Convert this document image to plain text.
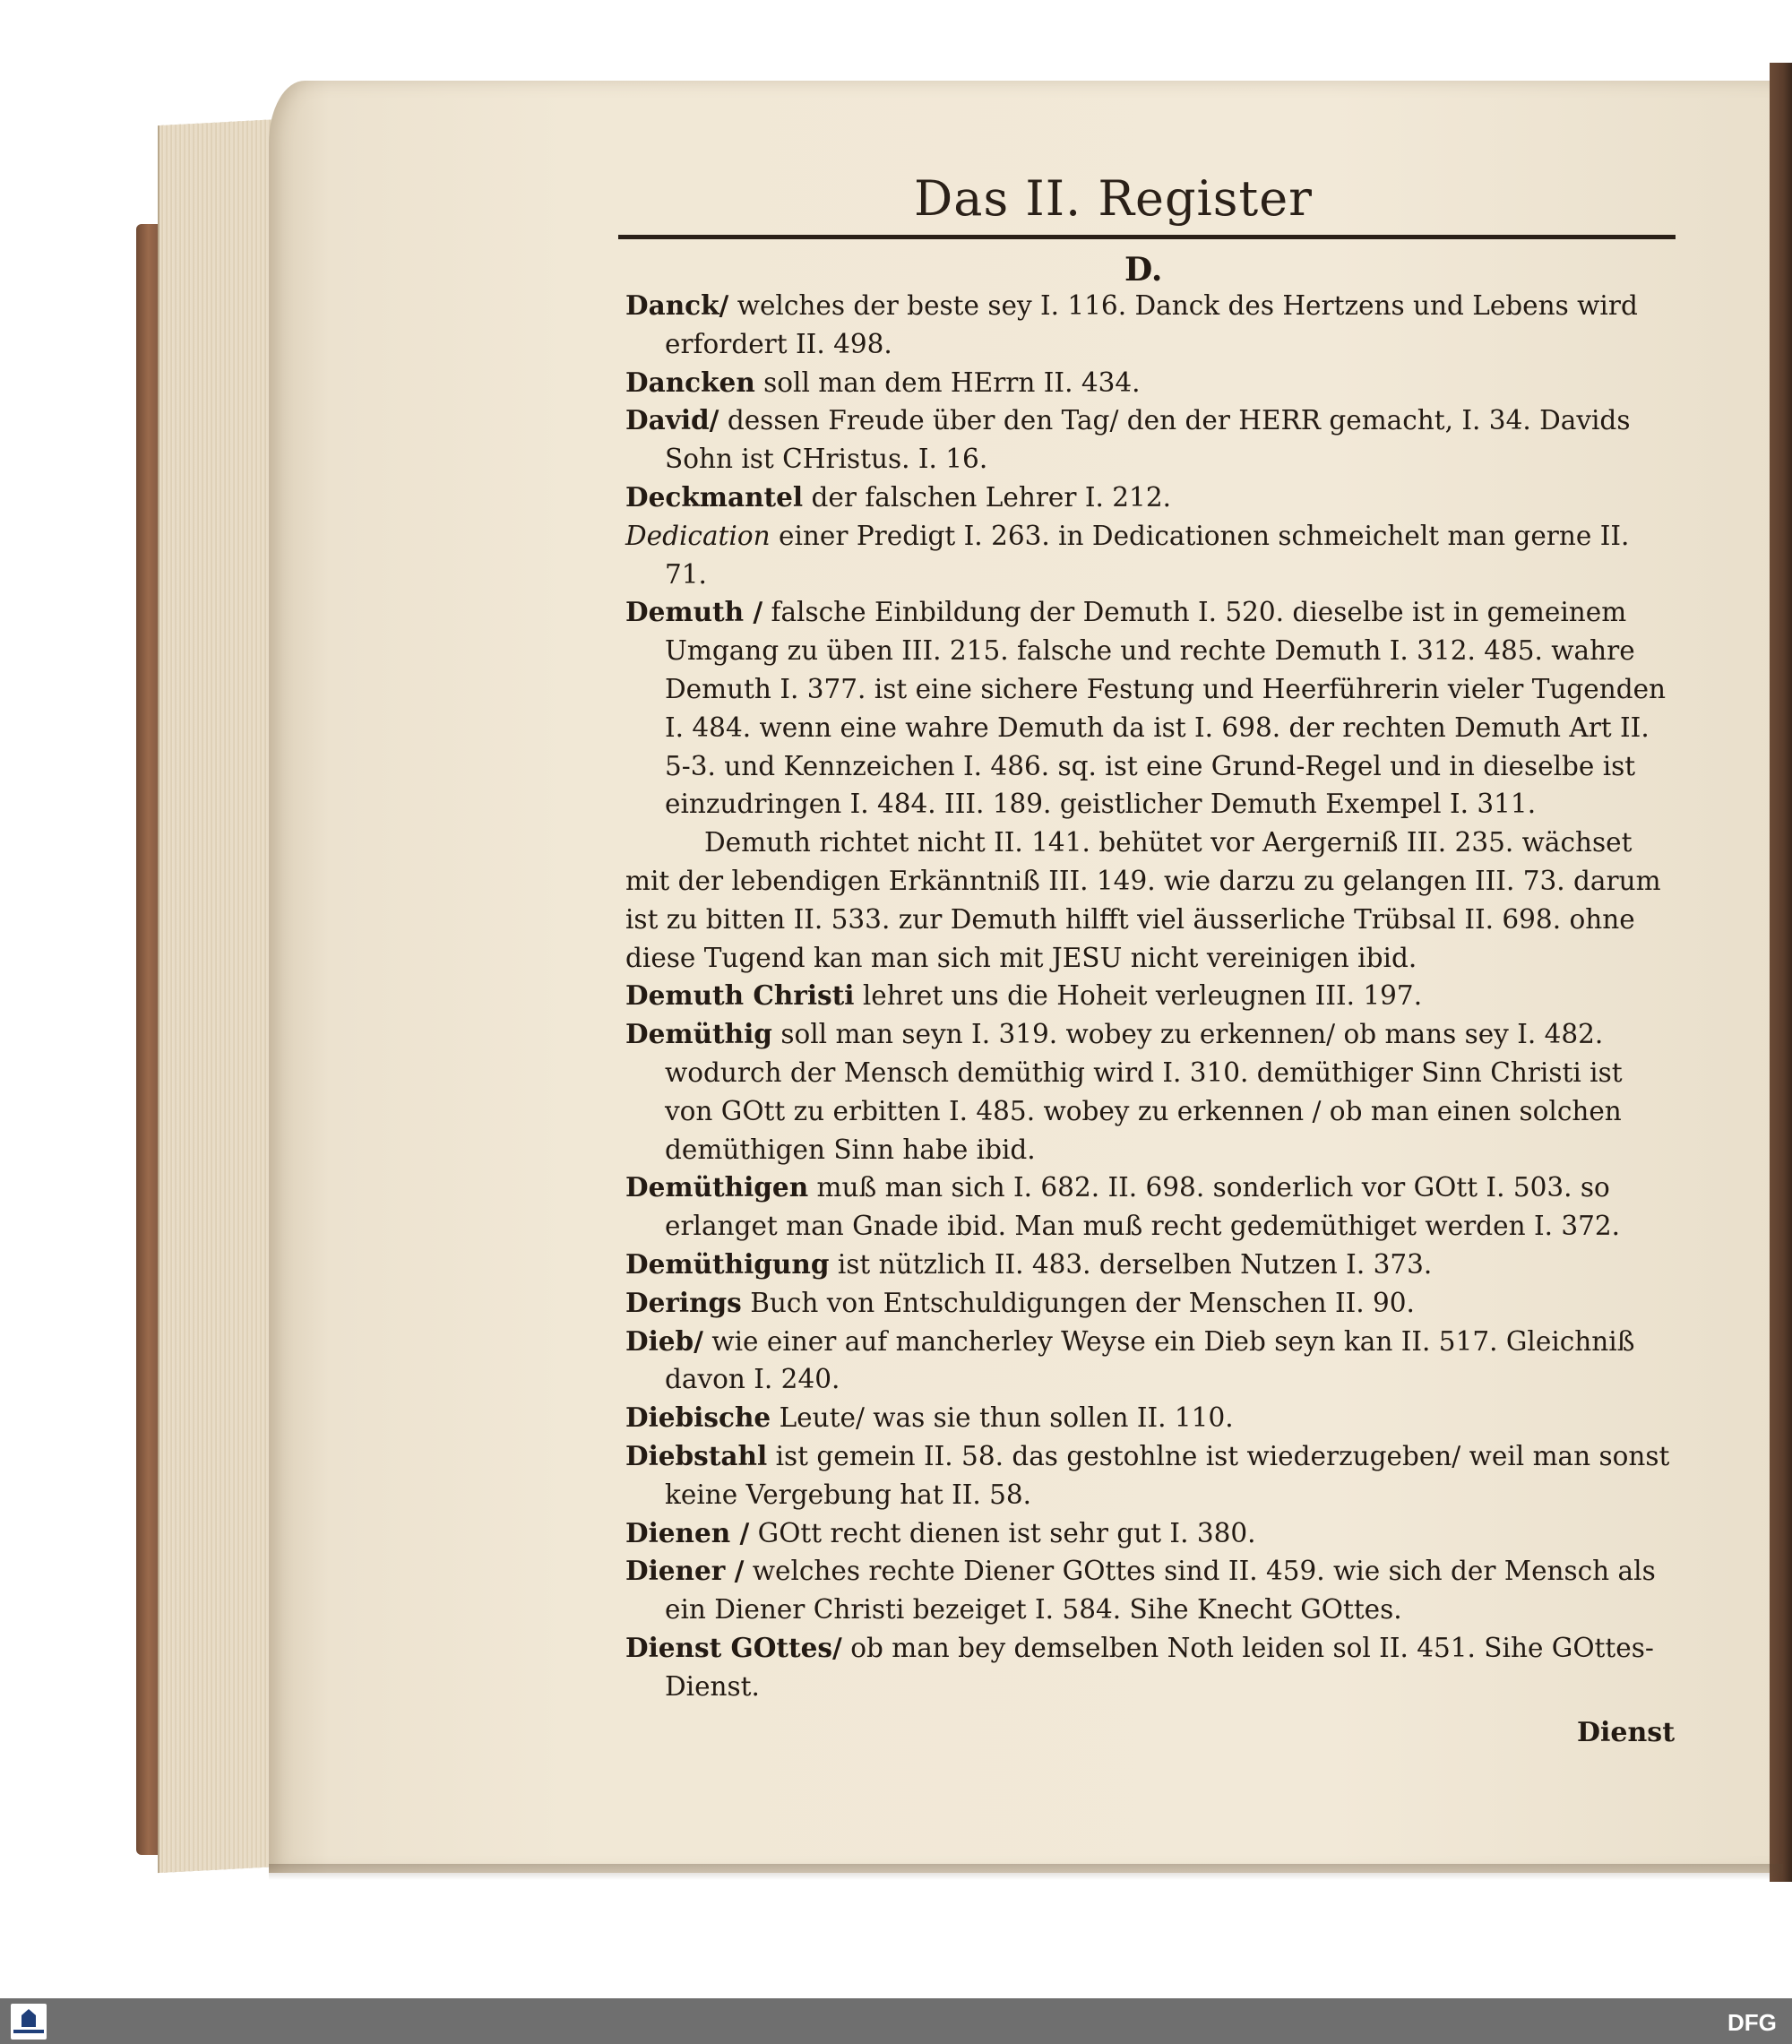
Das II. Register
D.

Danck/ welches der beste sey I. 116. Danck des Hertzens und Lebens wird erfordert II. 498.

Dancken soll man dem HErrn II. 434.

David/ dessen Freude über den Tag/ den der HERR gemacht, I. 34. Davids Sohn ist CHristus. I. 16.

Deckmantel der falschen Lehrer I. 212.

Dedication einer Predigt I. 263. in Dedicationen schmeichelt man gerne II. 71.

Demuth / falsche Einbildung der Demuth I. 520. dieselbe ist in gemeinem Umgang zu üben III. 215. falsche und rechte Demuth I. 312. 485. wahre Demuth I. 377. ist eine sichere Festung und Heerführerin vieler Tugenden I. 484. wenn eine wahre Demuth da ist I. 698. der rechten Demuth Art II. 5-3. und Kennzeichen I. 486. sq. ist eine Grund-Regel und in dieselbe ist einzudringen I. 484. III. 189. geistlicher Demuth Exempel I. 311.

Demuth richtet nicht II. 141. behütet vor Aergerniß III. 235. wächset mit der lebendigen Erkänntniß III. 149. wie darzu zu gelangen III. 73. darum ist zu bitten II. 533. zur Demuth hilfft viel äusserliche Trübsal II. 698. ohne diese Tugend kan man sich mit JESU nicht vereinigen ibid.

Demuth Christi lehret uns die Hoheit verleugnen III. 197.

Demüthig soll man seyn I. 319. wobey zu erkennen/ ob mans sey I. 482. wodurch der Mensch demüthig wird I. 310. demüthiger Sinn Christi ist von GOtt zu erbitten I. 485. wobey zu erkennen / ob man einen solchen demüthigen Sinn habe ibid.

Demüthigen muß man sich I. 682. II. 698. sonderlich vor GOtt I. 503. so erlanget man Gnade ibid. Man muß recht gedemüthiget werden I. 372.

Demüthigung ist nützlich II. 483. derselben Nutzen I. 373.

Derings Buch von Entschuldigungen der Menschen II. 90.

Dieb/ wie einer auf mancherley Weyse ein Dieb seyn kan II. 517. Gleichniß davon I. 240.

Diebische Leute/ was sie thun sollen II. 110.

Diebstahl ist gemein II. 58. das gestohlne ist wiederzugeben/ weil man sonst keine Vergebung hat II. 58.

Dienen / GOtt recht dienen ist sehr gut I. 380.

Diener / welches rechte Diener GOttes sind II. 459. wie sich der Mensch als ein Diener Christi bezeiget I. 584. Sihe Knecht GOttes.

Dienst GOttes/ ob man bey demselben Noth leiden sol II. 451. Sihe GOttes-Dienst.

Dienst
DFG
